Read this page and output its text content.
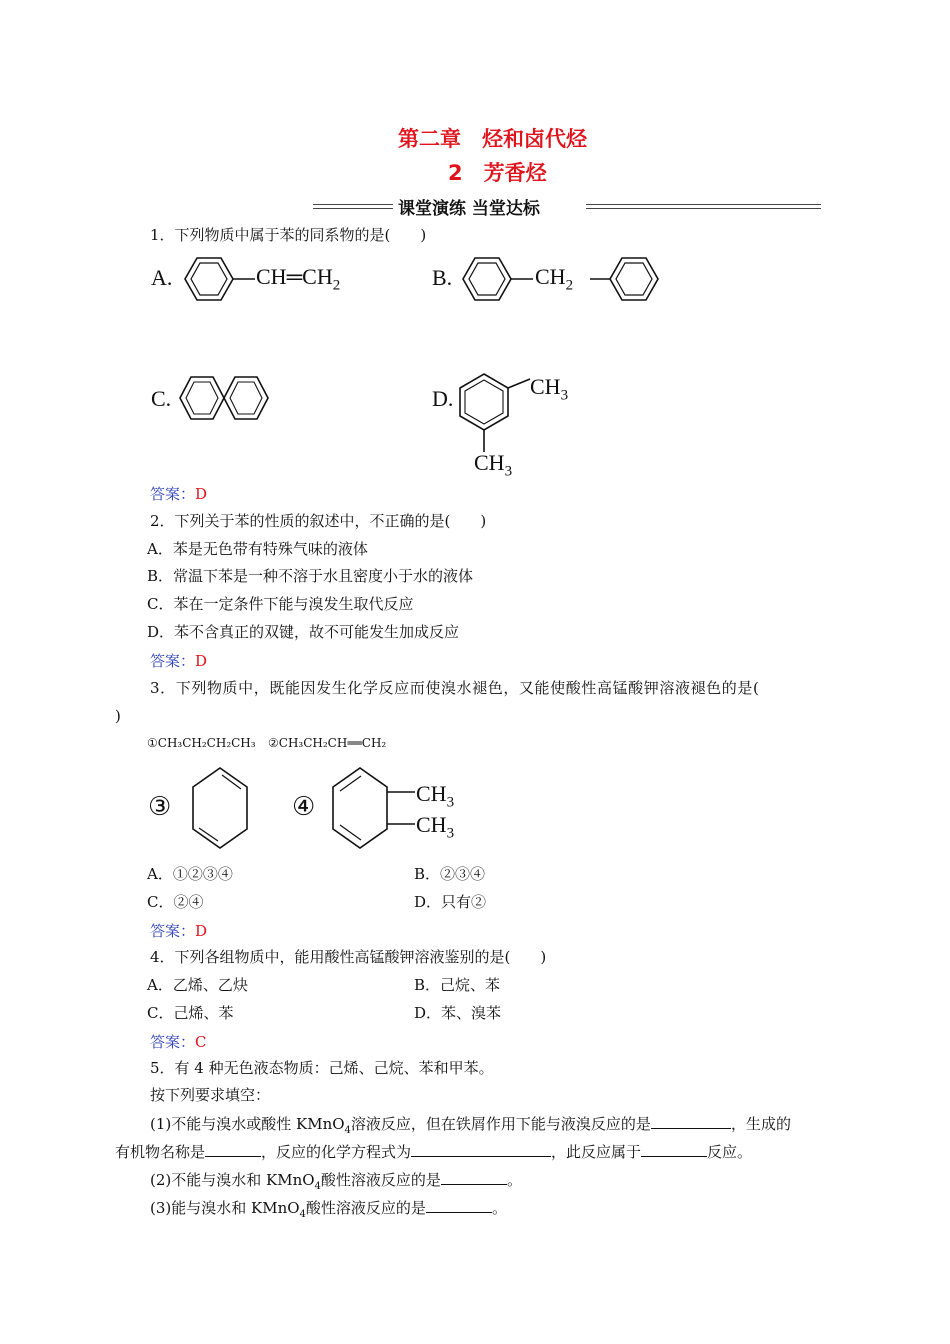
第二章　烃和卤代烃
2　芳香烃
课堂演练 当堂达标
1．下列物质中属于苯的同系物的是(　　)
A.	$CH═CH_2$	B.	$CH_2$
C.	D.	$CH_3$
$CH_3$
答案：D
2．下列关于苯的性质的叙述中，不正确的是(　　)
A．苯是无色带有特殊气味的液体
B．常温下苯是一种不溶于水且密度小于水的液体
C．苯在一定条件下能与溴发生取代反应
D．苯不含真正的双键，故不可能发生加成反应
答案：D
3．下列物质中，既能因发生化学反应而使溴水褪色，又能使酸性高锰酸钾溶液褪色的是(
)
①CH₃CH₂CH₂CH₃ ②CH₃CH₂CH══CH₂
③	④	$CH_3$
$CH_3$
A．①②③④	B．②③④
C．②④	D．只有②
答案：D
4．下列各组物质中，能用酸性高锰酸钾溶液鉴别的是(　　)
A．乙烯、乙炔	B．己烷、苯
C．己烯、苯	D．苯、溴苯
答案：C
5．有 4 种无色液态物质：己烯、己烷、苯和甲苯。
按下列要求填空：
(1)不能与溴水或酸性 KMnO$_4$溶液反应，但在铁屑作用下能与液溴反应的是	，生成的
有机物名称是	，反应的化学方程式为	，此反应属于	反应。
(2)不能与溴水和 KMnO$_4$酸性溶液反应的是	。
(3)能与溴水和 KMnO$_4$酸性溶液反应的是	。
